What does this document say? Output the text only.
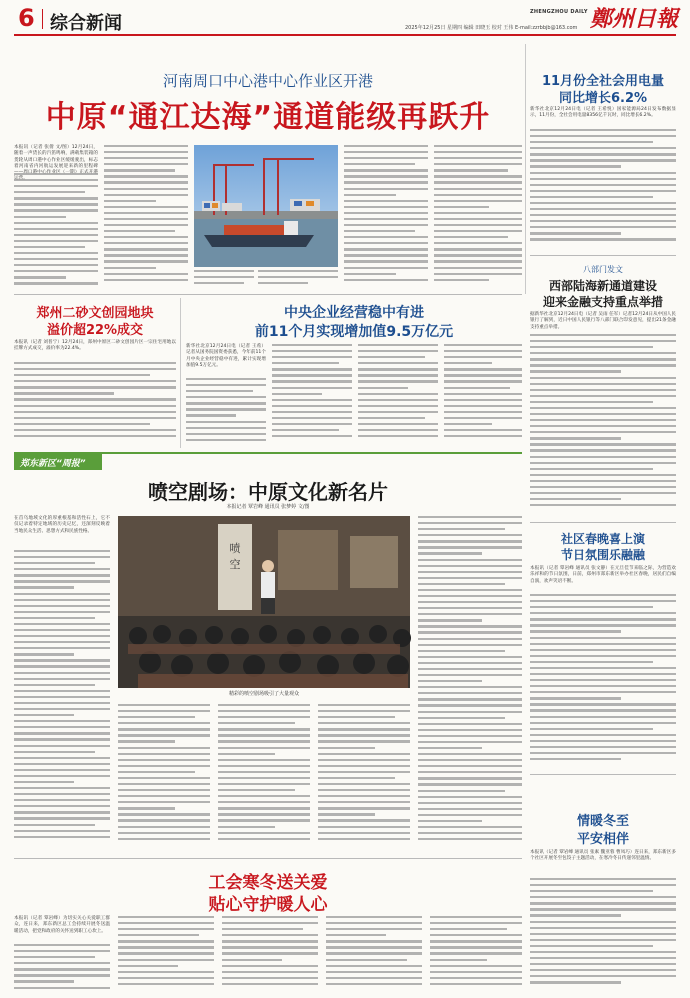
6 综合新闻
ZHENGZHOU DAILY 鄭州日報
2025年12月25日 星期四 编辑 田晓玉 校对 王伟 E-mail:zzrbbjb@163.com
河南周口中心港中心作业区开港
中原“通江达海”通道能级再跃升
本报讯（记者 张倩 文/图）12月24日，随着一声货长的汽笛鸣响，满载集装箱的货轮从周口港中心作业区缓缓驶出，标志着河南省内河航运发展迎来新的里程碑
11月份全社会用电量
同比增长6.2%
新华社北京12月24日电（记者 王希悦）国家能源局24日发布数据显示，11月份，全社会用电量8356亿千瓦时，同比增长6.2%。
八部门发文
西部陆海新通道建设
迎来金融支持重点举措
据新华社北京12月24日电（记者 吴雨 任军）记者12月24日从中国人民银行了解到，近日中国人民银行等八部门联合印发意见，提出21条金融支持重点举措。
郑州二砂文创园地块
溢价超22%成交
本报讯（记者 刘普宁）12月24日，郑州中原区二砂文创园片区一宗住宅用地以挂牌方式成交，溢价率为22.4%。
中央企业经营稳中有进
前11个月实现增加值9.5万亿元
新华社北京12月24日电（记者 王希）记者从国务院国资委获悉，今年前11个月中央企业经营稳中有进，累计实现增加值9.5万亿元。
郑东新区“周报”
喷空剧场：中原文化新名片
本报记者 覃岩峰 通讯员 张梦婷 文/图
在首乌地域文化的厚重根基和活性石上，它不仅记录着特定地域的历史记忆，还深刻反映着当地民众生活、思想方式和民族性格。
喷
空
精彩的喷空剧场吸引了大量观众
社区春晚喜上演
节日氛围乐融融
本报讯（记者 覃岩峰 通讯员 张文静）在元旦佳节来临之际，为营造欢乐祥和的节日氛围，日前，郑州市郑东新区举办社区春晚，居民们自编自演，欢声笑语不断。
工会寒冬送关爱
贴心守护暖人心
本报讯（记者 覃岩峰）为切实关心关爱职工群众，连日来，郑东新区总工会持续开展冬送温暖活动，把党和政府的关怀送到职工心坎上。
情暖冬至
平安相伴
本报讯（记者 覃岩峰 通讯员 张素 魏亚蓉 曹凤巧）连日来，郑东新区多个社区开展冬至包饺子主题活动，在寒冷冬日传递邻里温情。
